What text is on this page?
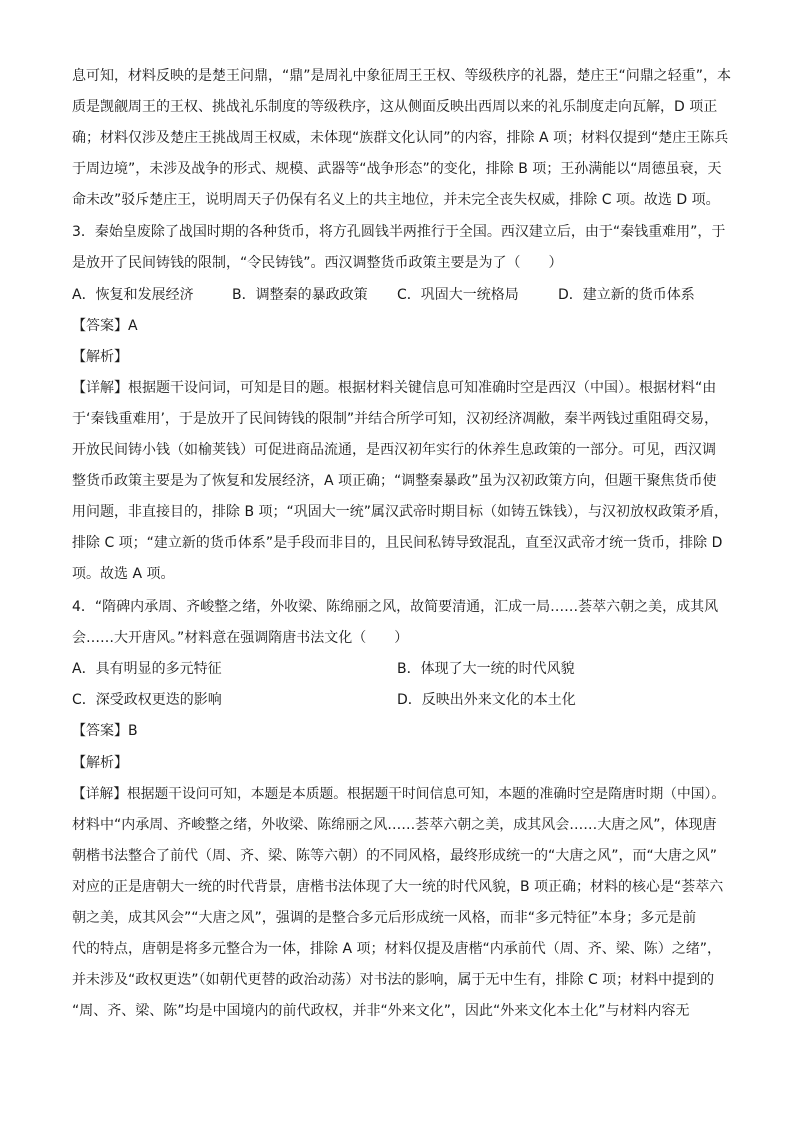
息可知，材料反映的是楚王问鼎，“鼎”是周礼中象征周王王权、等级秩序的礼器，楚庄王“问鼎之轻重”，本
质是觊觎周王的王权、挑战礼乐制度的等级秩序，这从侧面反映出西周以来的礼乐制度走向瓦解，D 项正
确；材料仅涉及楚庄王挑战周王权威，未体现“族群文化认同”的内容，排除 A 项；材料仅提到“楚庄王陈兵
于周边境”，未涉及战争的形式、规模、武器等“战争形态”的变化，排除 B 项；王孙满能以“周德虽衰，天
命未改”驳斥楚庄王，说明周天子仍保有名义上的共主地位，并未完全丧失权威，排除 C 项。故选 D 项。
3．秦始皇废除了战国时期的各种货币，将方孔圆钱半两推行于全国。西汉建立后，由于“秦钱重难用”，于
是放开了民间铸钱的限制，“令民铸钱”。西汉调整货币政策主要是为了（　　）
A．恢复和发展经济	B．调整秦的暴政政策 C．巩固大一统格局	D．建立新的货币体系
【答案】A
【解析】
【详解】根据题干设问词，可知是目的题。根据材料关键信息可知准确时空是西汉（中国）。根据材料“由
于‘秦钱重难用’，于是放开了民间铸钱的限制”并结合所学可知，汉初经济凋敝，秦半两钱过重阻碍交易，
开放民间铸小钱（如榆荚钱）可促进商品流通，是西汉初年实行的休养生息政策的一部分。可见，西汉调
整货币政策主要是为了恢复和发展经济，A 项正确；“调整秦暴政”虽为汉初政策方向，但题干聚焦货币使
用问题，非直接目的，排除 B 项；“巩固大一统”属汉武帝时期目标（如铸五铢钱），与汉初放权政策矛盾，
排除 C 项；“建立新的货币体系”是手段而非目的，且民间私铸导致混乱，直至汉武帝才统一货币，排除 D
项。故选 A 项。
4．“隋碑内承周、齐峻整之绪，外收梁、陈绵丽之风，故简要清通，汇成一局……荟萃六朝之美，成其风
会……大开唐风。”材料意在强调隋唐书法文化（　　）
A．具有明显的多元特征	B．体现了大一统的时代风貌
C．深受政权更迭的影响	D．反映出外来文化的本土化
【答案】B
【解析】
【详解】根据题干设问可知，本题是本质题。根据题干时间信息可知，本题的准确时空是隋唐时期（中国）。
材料中“内承周、齐峻整之绪，外收梁、陈绵丽之风……荟萃六朝之美，成其风会……大唐之风”，体现唐
朝楷书法整合了前代（周、齐、梁、陈等六朝）的不同风格，最终形成统一的“大唐之风”，而“大唐之风”
对应的正是唐朝大一统的时代背景，唐楷书法体现了大一统的时代风貌，B 项正确；材料的核心是“荟萃六
朝之美，成其风会”“大唐之风”，强调的是整合多元后形成统一风格，而非“多元特征”本身；多元是前
代的特点，唐朝是将多元整合为一体，排除 A 项；材料仅提及唐楷“内承前代（周、齐、梁、陈）之绪”，
并未涉及“政权更迭”（如朝代更替的政治动荡）对书法的影响，属于无中生有，排除 C 项；材料中提到的
“周、齐、梁、陈”均是中国境内的前代政权，并非“外来文化”，因此“外来文化本土化”与材料内容无
